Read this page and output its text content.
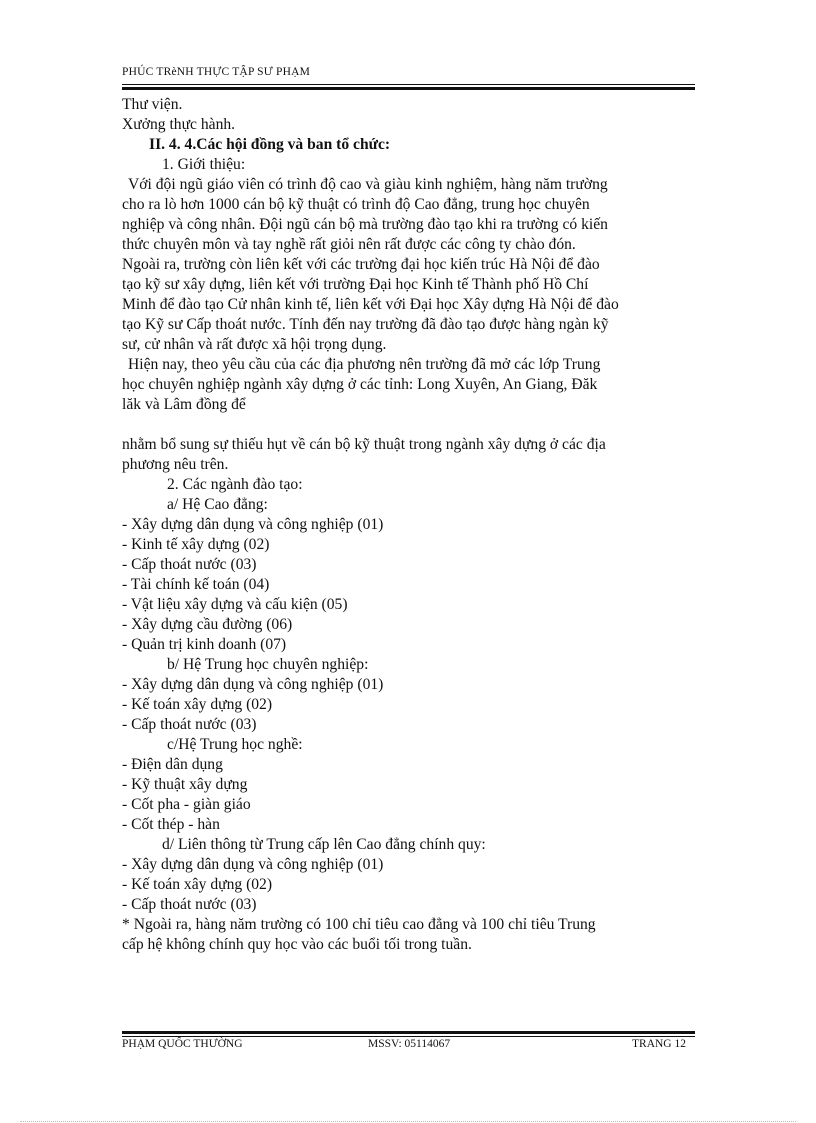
PHÚC TRèNH THỰC TẬP SƯ PHẠM

Thư viện.

Xưởng thực hành.

II. 4. 4.Các hội đồng và ban tổ chức:

1. Giới thiệu:

Với đội ngũ giáo viên có trình độ cao và giàu kinh nghiệm, hàng năm trường

cho ra lò hơn 1000 cán bộ kỹ thuật có trình độ Cao đẳng, trung học chuyên

nghiệp và công nhân. Đội ngũ cán bộ mà trường đào tạo khi ra trường có kiến

thức chuyên môn và tay nghề rất giỏi nên rất được các công ty chào đón.

Ngoài ra, trường còn liên kết với các trường đại học kiến trúc Hà Nội để đào

tạo kỹ sư xây dựng, liên kết với trường Đại học Kinh tế Thành phố Hồ Chí

Minh để đào tạo Cử nhân kinh tế, liên kết với Đại học Xây dựng Hà Nội để đào

tạo Kỹ sư Cấp thoát nước. Tính đến nay trường đã đào tạo được hàng ngàn kỹ

sư, cử nhân và rất được xã hội trọng dụng.

Hiện nay, theo yêu cầu của các địa phương nên trường đã mở các lớp Trung

học chuyên nghiệp ngành xây dựng ở các tỉnh: Long Xuyên, An Giang, Đăk

lăk và Lâm đồng để

nhằm bổ sung sự thiếu hụt về cán bộ kỹ thuật trong ngành xây dựng ở các địa

phương nêu trên.

2. Các ngành đào tạo:

a/ Hệ Cao đẳng:

- Xây dựng dân dụng và công nghiệp (01)

- Kinh tế xây dựng (02)

- Cấp thoát nước (03)

- Tài chính kế toán (04)

- Vật liệu xây dựng và cấu kiện (05)

- Xây dựng cầu đường (06)

- Quản trị kinh doanh (07)

b/ Hệ Trung học chuyên nghiệp:

- Xây dựng dân dụng và công nghiệp (01)

- Kế toán xây dựng (02)

- Cấp thoát nước (03)

c/Hệ Trung học nghề:

- Điện dân dụng

- Kỹ thuật xây dựng

- Cốt pha - giàn giáo

- Cốt thép - hàn

d/ Liên thông từ Trung cấp lên Cao đẳng chính quy:

- Xây dựng dân dụng và công nghiệp (01)

- Kế toán xây dựng (02)

- Cấp thoát nước (03)

* Ngoài ra, hàng năm trường có 100 chỉ tiêu cao đẳng và 100 chỉ tiêu Trung

cấp hệ không chính quy học vào các buổi tối trong tuần.

PHẠM QUỐC THƯỜNG	MSSV: 05114067	TRANG 12
